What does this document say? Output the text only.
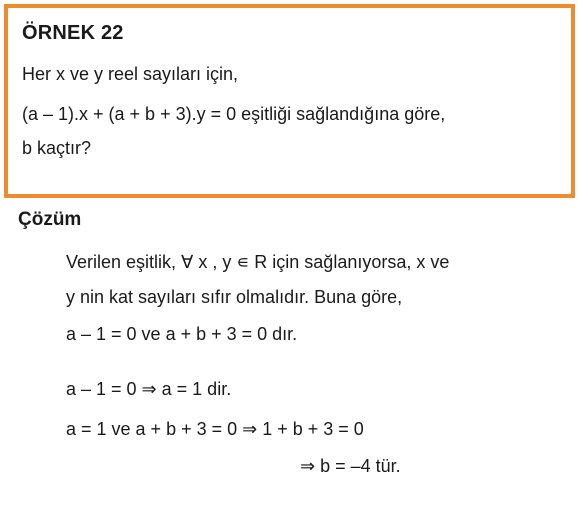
ÖRNEK 22
Her x ve y reel sayıları için,
(a – 1).x + (a + b + 3).y = 0 eşitliği sağlandığına göre,
b kaçtır?
Çözüm
Verilen eşitlik, ∀ x , y ∊ R için sağlanıyorsa, x ve
y nin kat sayıları sıfır olmalıdır. Buna göre,
a – 1 = 0 ve a + b + 3 = 0 dır.
a – 1 = 0 ⇒ a = 1 dir.
a = 1 ve a + b + 3 = 0 ⇒ 1 + b + 3 = 0
⇒ b = –4 tür.
